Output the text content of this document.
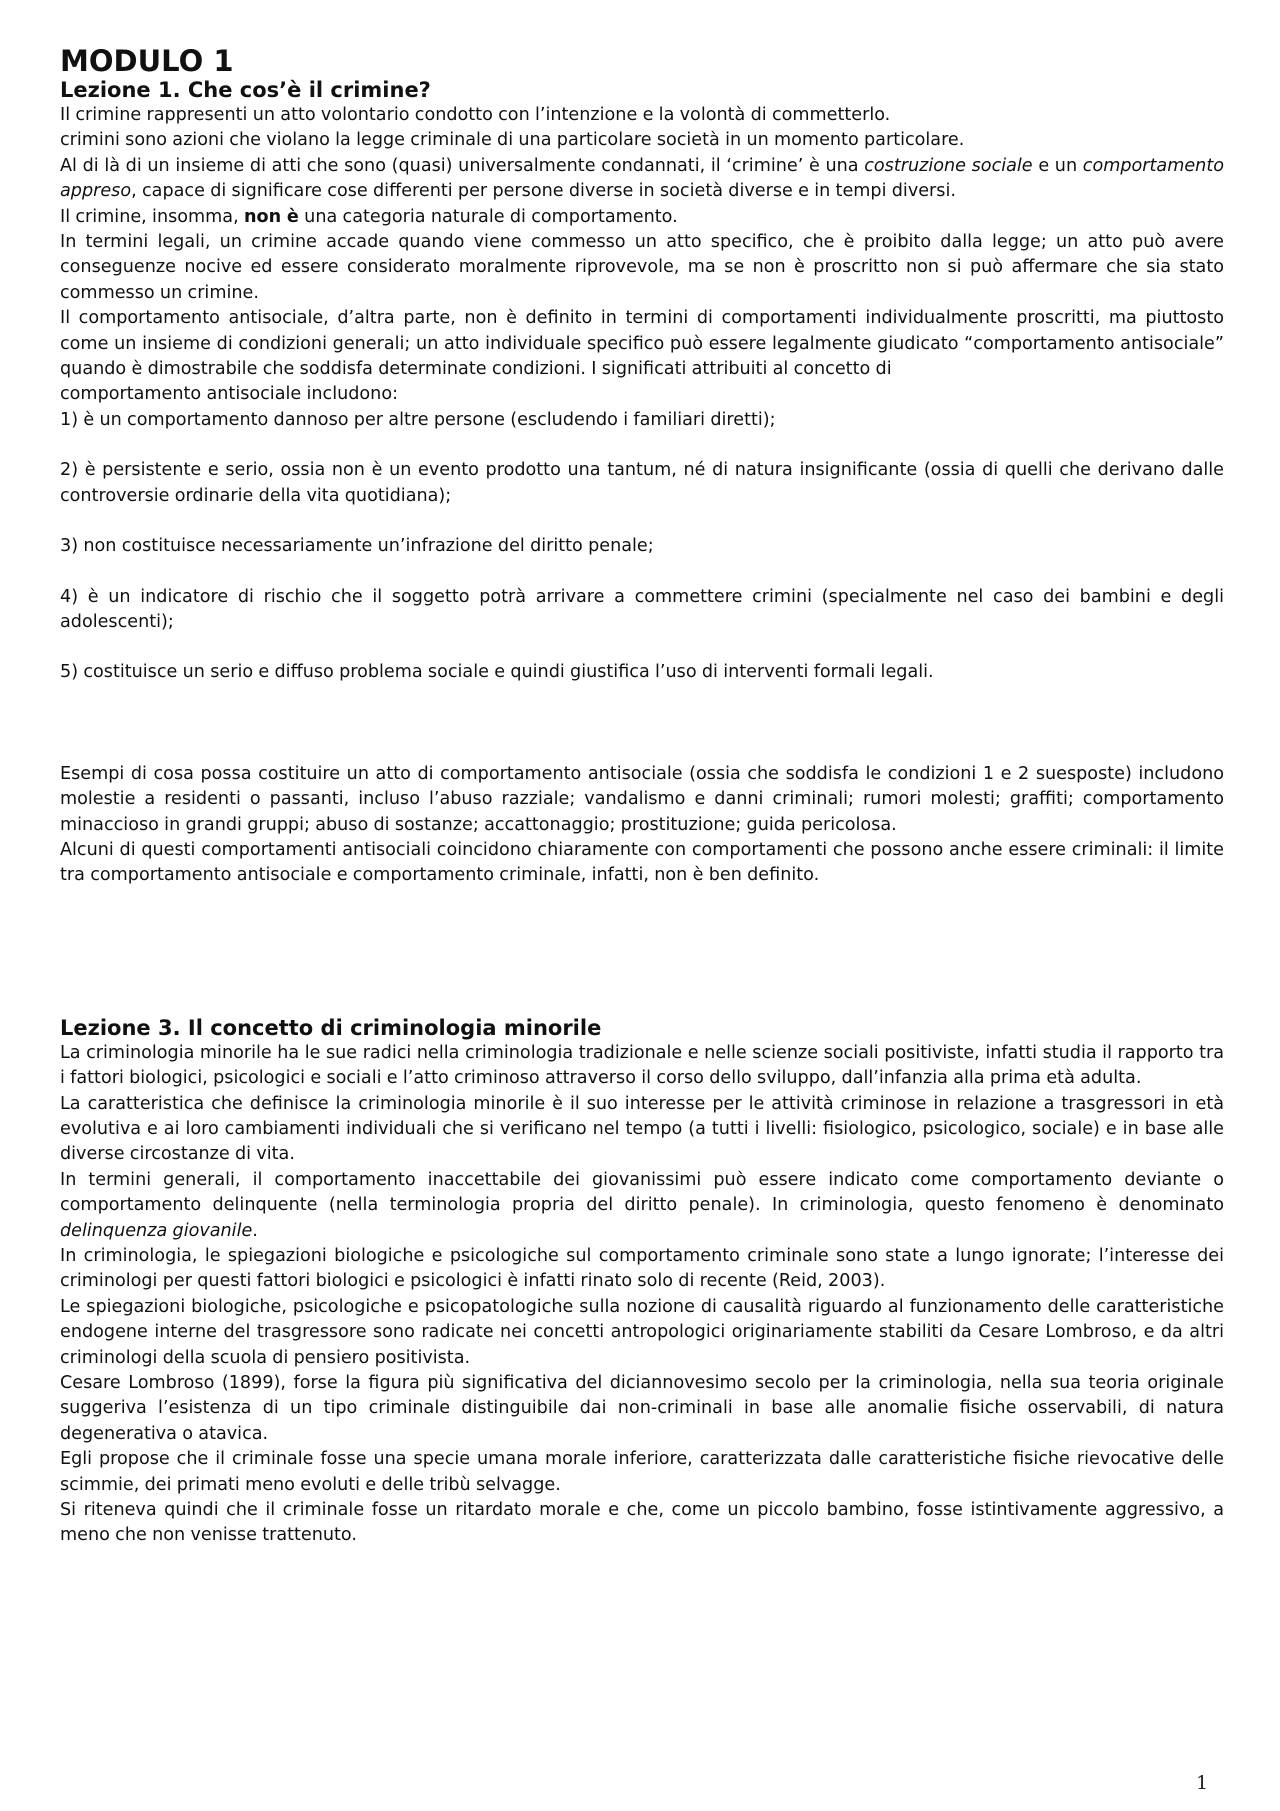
MODULO 1
Lezione 1. Che cos’è il crimine?

Il crimine rappresenti un atto volontario condotto con l’intenzione e la volontà di commetterlo.

crimini sono azioni che violano la legge criminale di una particolare società in un momento particolare.

Al di là di un insieme di atti che sono (quasi) universalmente condannati, il ‘crimine’ è una costruzione sociale e un comportamento appreso, capace di significare cose differenti per persone diverse in società diverse e in tempi diversi.

Il crimine, insomma, non è una categoria naturale di comportamento.

In termini legali, un crimine accade quando viene commesso un atto specifico, che è proibito dalla legge; un atto può avere conseguenze nocive ed essere considerato moralmente riprovevole, ma se non è proscritto non si può affermare che sia stato commesso un crimine.

Il comportamento antisociale, d’altra parte, non è definito in termini di comportamenti individualmente proscritti, ma piuttosto come un insieme di condizioni generali; un atto individuale specifico può essere legalmente giudicato “comportamento antisociale” quando è dimostrabile che soddisfa determinate condizioni. I significati attribuiti al concetto di

comportamento antisociale includono:

1) è un comportamento dannoso per altre persone (escludendo i familiari diretti);

2) è persistente e serio, ossia non è un evento prodotto una tantum, né di natura insignificante (ossia di quelli che derivano dalle controversie ordinarie della vita quotidiana);

3) non costituisce necessariamente un’infrazione del diritto penale;

4) è un indicatore di rischio che il soggetto potrà arrivare a commettere crimini (specialmente nel caso dei bambini e degli adolescenti);

5) costituisce un serio e diffuso problema sociale e quindi giustifica l’uso di interventi formali legali.

Esempi di cosa possa costituire un atto di comportamento antisociale (ossia che soddisfa le condizioni 1 e 2 suesposte) includono molestie a residenti o passanti, incluso l’abuso razziale; vandalismo e danni criminali; rumori molesti; graffiti; comportamento minaccioso in grandi gruppi; abuso di sostanze; accattonaggio; prostituzione; guida pericolosa.

Alcuni di questi comportamenti antisociali coincidono chiaramente con comportamenti che possono anche essere criminali: il limite tra comportamento antisociale e comportamento criminale, infatti, non è ben definito.

Lezione 3. Il concetto di criminologia minorile

La criminologia minorile ha le sue radici nella criminologia tradizionale e nelle scienze sociali positiviste, infatti studia il rapporto tra i fattori biologici, psicologici e sociali e l’atto criminoso attraverso il corso dello sviluppo, dall’infanzia alla prima età adulta.

La caratteristica che definisce la criminologia minorile è il suo interesse per le attività criminose in relazione a trasgressori in età evolutiva e ai loro cambiamenti individuali che si verificano nel tempo (a tutti i livelli: fisiologico, psicologico, sociale) e in base alle diverse circostanze di vita.

In termini generali, il comportamento inaccettabile dei giovanissimi può essere indicato come comportamento deviante o comportamento delinquente (nella terminologia propria del diritto penale). In criminologia, questo fenomeno è denominato delinquenza giovanile.

In criminologia, le spiegazioni biologiche e psicologiche sul comportamento criminale sono state a lungo ignorate; l’interesse dei criminologi per questi fattori biologici e psicologici è infatti rinato solo di recente (Reid, 2003).

Le spiegazioni biologiche, psicologiche e psicopatologiche sulla nozione di causalità riguardo al funzionamento delle caratteristiche endogene interne del trasgressore sono radicate nei concetti antropologici originariamente stabiliti da Cesare Lombroso, e da altri criminologi della scuola di pensiero positivista.

Cesare Lombroso (1899), forse la figura più significativa del diciannovesimo secolo per la criminologia, nella sua teoria originale suggeriva l’esistenza di un tipo criminale distinguibile dai non-criminali in base alle anomalie fisiche osservabili, di natura degenerativa o atavica.

Egli propose che il criminale fosse una specie umana morale inferiore, caratterizzata dalle caratteristiche fisiche rievocative delle scimmie, dei primati meno evoluti e delle tribù selvagge.

Si riteneva quindi che il criminale fosse un ritardato morale e che, come un piccolo bambino, fosse istintivamente aggressivo, a meno che non venisse trattenuto.

1
